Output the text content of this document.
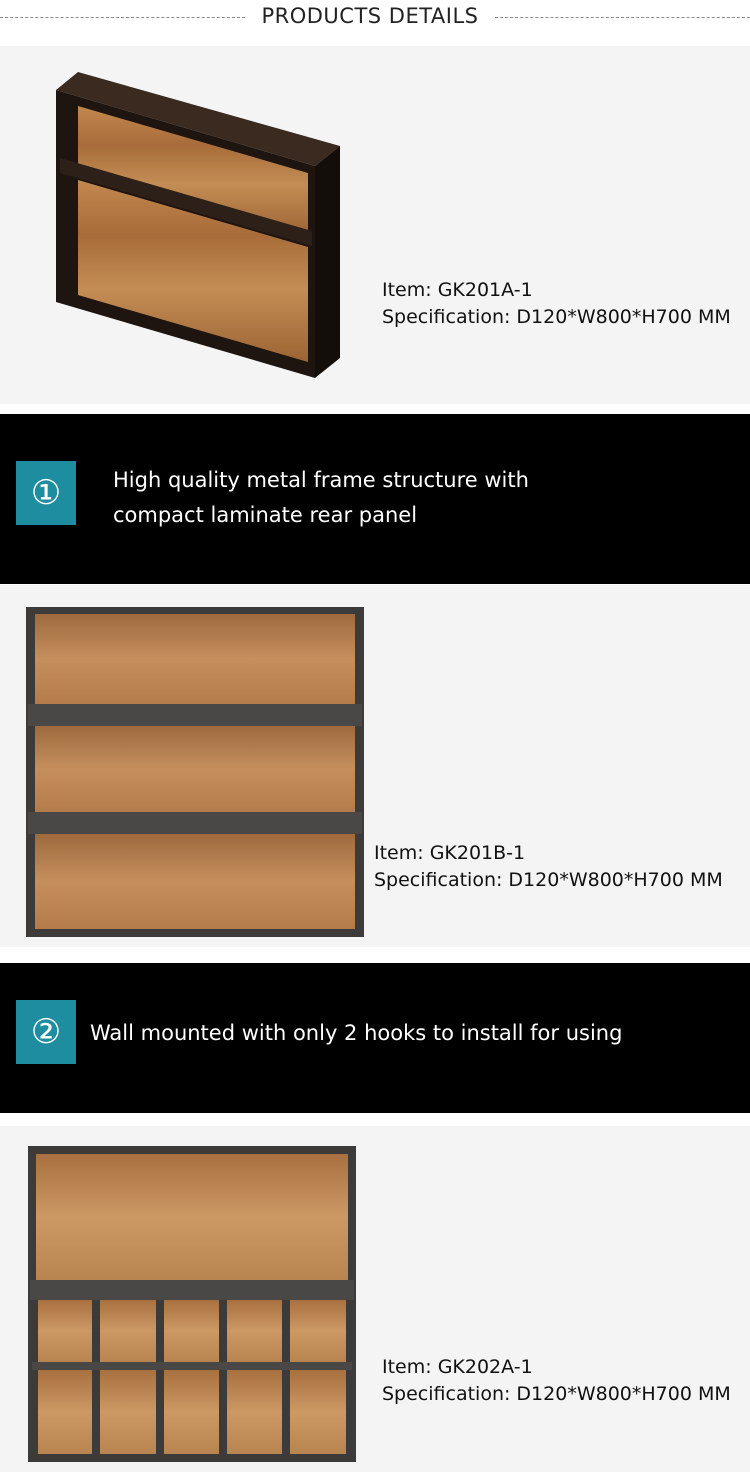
PRODUCTS DETAILS
Item: GK201A-1
Specification: D120*W800*H700 MM
①	High quality metal frame structure with compact laminate rear panel
Item: GK201B-1
Specification: D120*W800*H700 MM
②	Wall mounted with only 2 hooks to install for using
Item: GK202A-1
Specification: D120*W800*H700 MM
